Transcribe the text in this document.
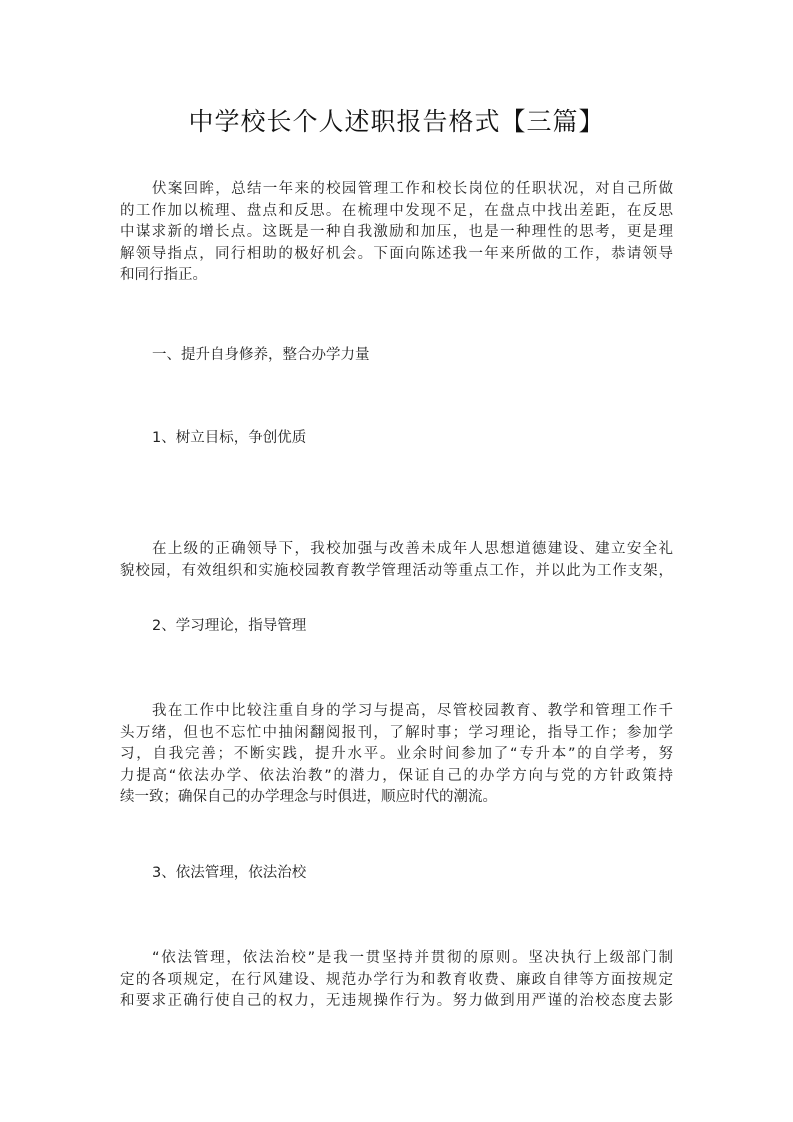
中学校长个人述职报告格式【三篇】
伏案回眸，总结一年来的校园管理工作和校长岗位的任职状况，对自己所做
的工作加以梳理、盘点和反思。在梳理中发现不足，在盘点中找出差距，在反思
中谋求新的增长点。这既是一种自我激励和加压，也是一种理性的思考，更是理
解领导指点，同行相助的极好机会。下面向陈述我一年来所做的工作，恭请领导
和同行指正。
一、提升自身修养，整合办学力量
1、树立目标，争创优质
在上级的正确领导下，我校加强与改善未成年人思想道德建设、建立安全礼
貌校园，有效组织和实施校园教育教学管理活动等重点工作，并以此为工作支架，
2、学习理论，指导管理
我在工作中比较注重自身的学习与提高，尽管校园教育、教学和管理工作千
头万绪，但也不忘忙中抽闲翻阅报刊，了解时事；学习理论，指导工作；参加学
习，自我完善；不断实践，提升水平。业余时间参加了“专升本”的自学考，努
力提高“依法办学、依法治教”的潜力，保证自己的办学方向与党的方针政策持
续一致；确保自己的办学理念与时俱进，顺应时代的潮流。
3、依法管理，依法治校
“依法管理，依法治校”是我一贯坚持并贯彻的原则。坚决执行上级部门制
定的各项规定，在行风建设、规范办学行为和教育收费、廉政自律等方面按规定
和要求正确行使自己的权力，无违规操作行为。努力做到用严谨的治校态度去影
